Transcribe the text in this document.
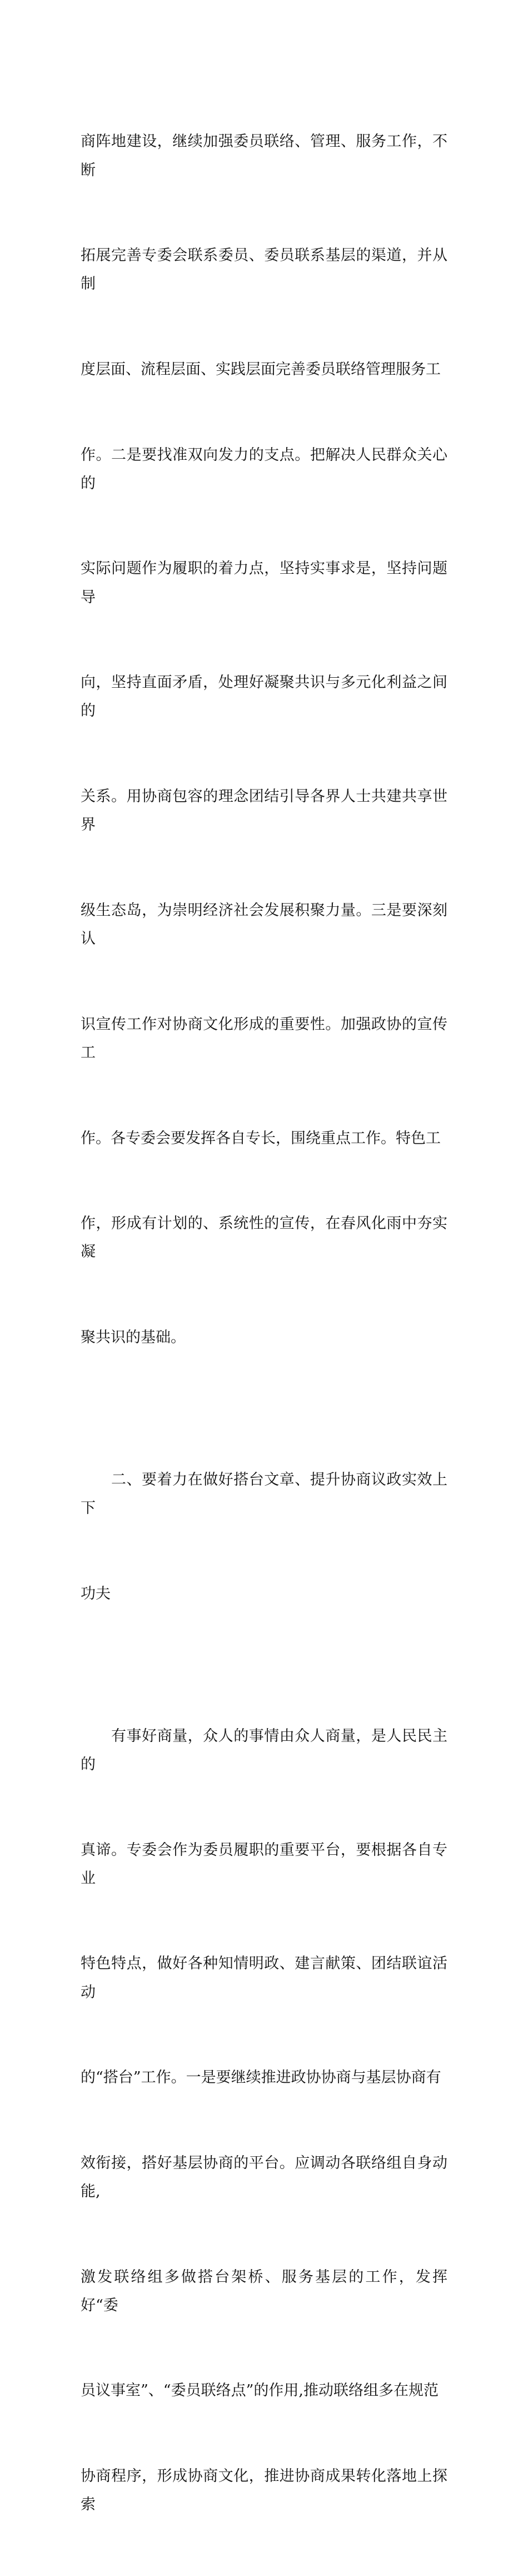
商阵地建设，继续加强委员联络、管理、服务工作，不断

拓展完善专委会联系委员、委员联系基层的渠道，并从制

度层面、流程层面、实践层面完善委员联络管理服务工

作。二是要找准双向发力的支点。把解决人民群众关心的

实际问题作为履职的着力点，坚持实事求是，坚持问题导

向，坚持直面矛盾，处理好凝聚共识与多元化利益之间的

关系。用协商包容的理念团结引导各界人士共建共享世界

级生态岛，为崇明经济社会发展积聚力量。三是要深刻认

识宣传工作对协商文化形成的重要性。加强政协的宣传工

作。各专委会要发挥各自专长，围绕重点工作。特色工

作，形成有计划的、系统性的宣传，在春风化雨中夯实凝

聚共识的基础。

二、要着力在做好搭台文章、提升协商议政实效上下

功夫

有事好商量，众人的事情由众人商量，是人民民主的

真谛。专委会作为委员履职的重要平台，要根据各自专业

特色特点，做好各种知情明政、建言献策、团结联谊活动

的“搭台”工作。一是要继续推进政协协商与基层协商有

效衔接，搭好基层协商的平台。应调动各联络组自身动能,

激发联络组多做搭台架桥、服务基层的工作，发挥好“委

员议事室”、“委员联络点”的作用,推动联络组多在规范

协商程序，形成协商文化，推进协商成果转化落地上探索
